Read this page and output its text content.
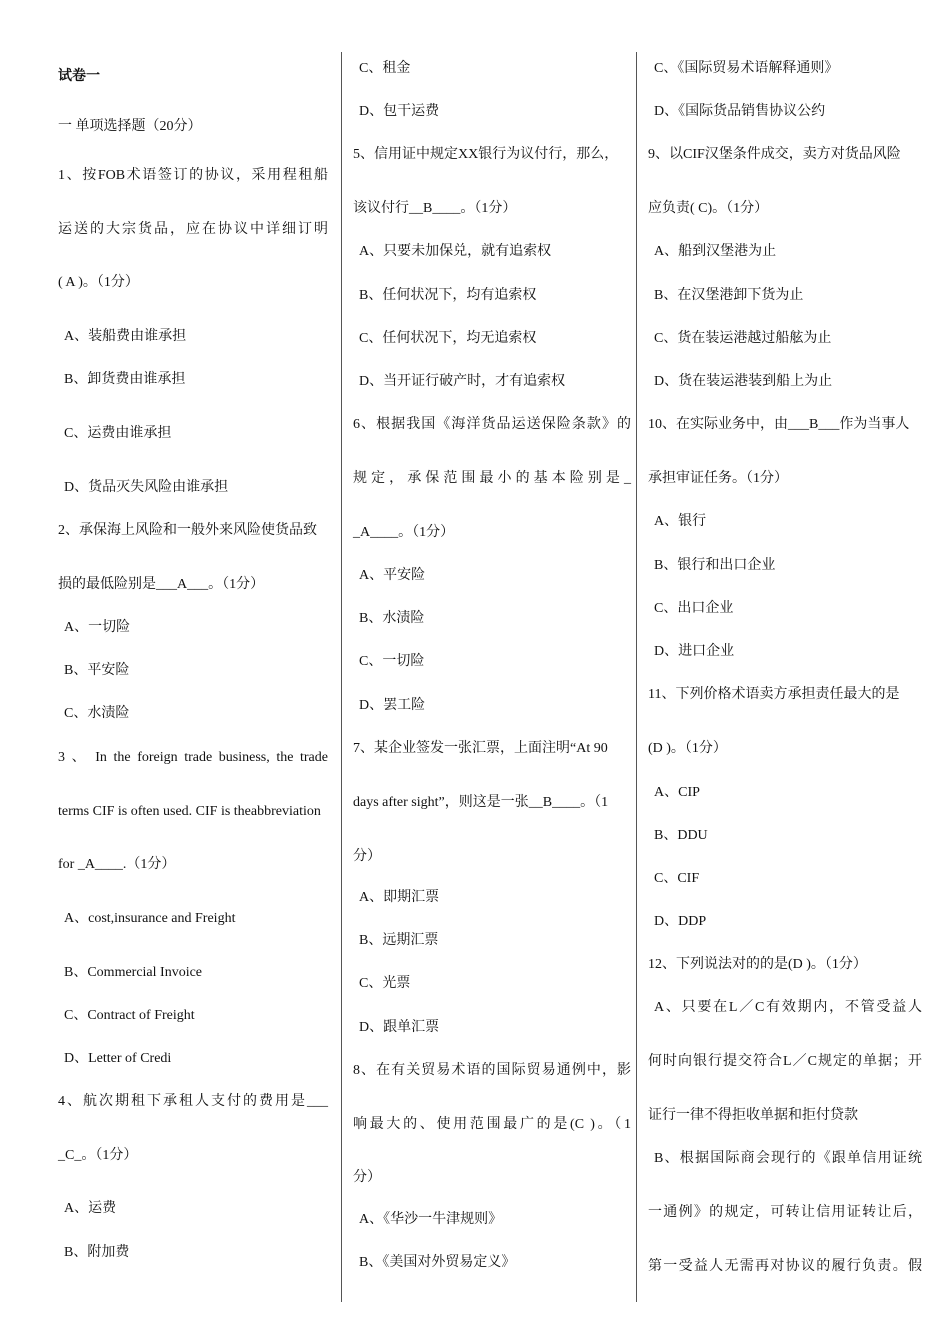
试卷一
一 单项选择题（20分）
1、按FOB术语签订的协议，采用程租船
运送的大宗货品，应在协议中详细订明
( A )。（1分）
A、装船费由谁承担
B、卸货费由谁承担
C、运费由谁承担
D、货品灭失风险由谁承担
2、承保海上风险和一般外来风险使货品致
损的最低险别是___A___。（1分）
A、一切险
B、平安险
C、水渍险
3 、 In the foreign trade business, the trade
terms CIF is often used. CIF is theabbreviation
for _A____.（1分）
A、cost,insurance and Freight
B、Commercial Invoice
C、Contract of Freight
D、Letter of Credi
4、航次期租下承租人支付的费用是___
_C_。（1分）
A、运费
B、附加费
C、租金
D、包干运费
5、信用证中规定XX银行为议付行，那么，
该议付行__B____。（1分）
A、只要未加保兑，就有追索权
B、任何状况下，均有追索权
C、任何状况下，均无追索权
D、当开证行破产时，才有追索权
6、根据我国《海洋货品运送保险条款》的
规 定 ， 承 保 范 围 最 小 的 基 本 险 别 是 _
_A____。（1分）
A、平安险
B、水渍险
C、一切险
D、罢工险
7、某企业签发一张汇票，上面注明“At 90
days after sight”，则这是一张__B____。（1
分）
A、即期汇票
B、远期汇票
C、光票
D、跟单汇票
8、在有关贸易术语的国际贸易通例中，影
响最大的、使用范围最广的是(C )。（1
分）
A、《华沙一牛津规则》
B、《美国对外贸易定义》
C、《国际贸易术语解释通则》
D、《国际货品销售协议公约
9、以CIF汉堡条件成交，卖方对货品风险
应负责( C)。（1分）
A、船到汉堡港为止
B、在汉堡港卸下货为止
C、货在装运港越过船舷为止
D、货在装运港装到船上为止
10、在实际业务中，由___B___作为当事人
承担审证任务。（1分）
A、银行
B、银行和出口企业
C、出口企业
D、进口企业
11、下列价格术语卖方承担责任最大的是
(D )。（1分）
A、CIP
B、DDU
C、CIF
D、DDP
12、下列说法对的的是(D )。（1分）
A、只要在L／C有效期内，不管受益人
何时向银行提交符合L／C规定的单据；开
证行一律不得拒收单据和拒付贷款
B、根据国际商会现行的《跟单信用证统
一通例》的规定，可转让信用证转让后，
第一受益人无需再对协议的履行负责。假
